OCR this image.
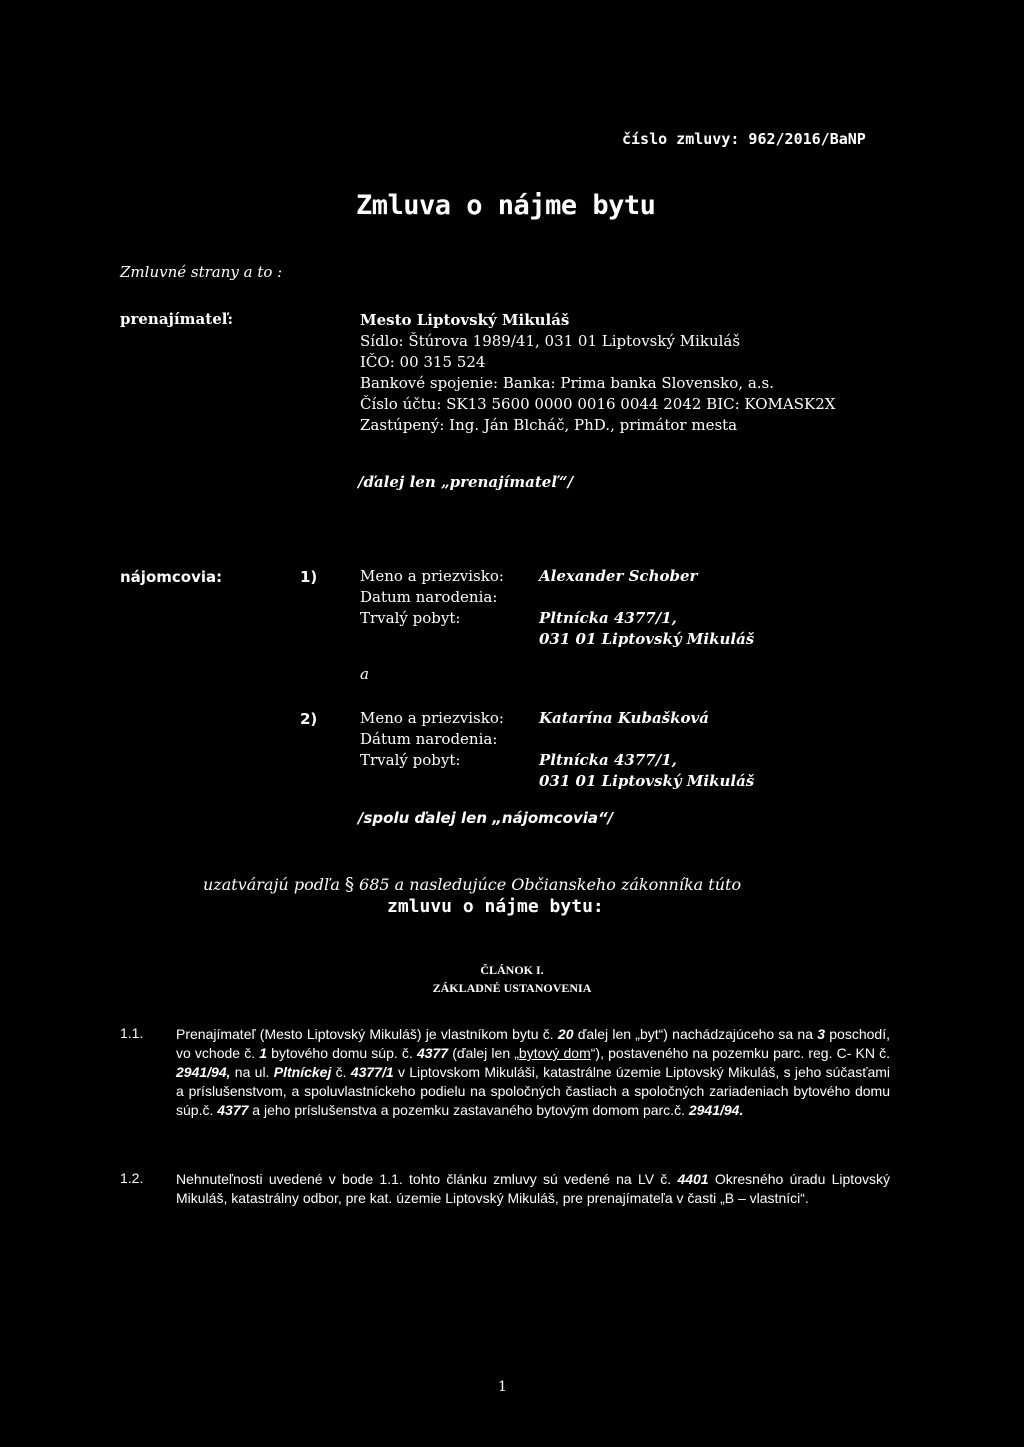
číslo zmluvy: 962/2016/BaNP
Zmluva o nájme bytu
Zmluvné strany a to :
prenajímateľ:	Mesto Liptovský Mikuláš
Sídlo: Štúrova 1989/41, 031 01 Liptovský Mikuláš
IČO: 00 315 524
Bankové spojenie: Banka: Prima banka Slovensko, a.s.
Číslo účtu: SK13 5600 0000 0016 0044 2042 BIC: KOMASK2X
Zastúpený: Ing. Ján Blcháč, PhD., primátor mesta
/ďalej len „prenajímateľ“/
nájomcovia:	1)	Meno a priezvisko: Alexander Schober
Datum narodenia:
Trvalý pobyt:	Pltnícka 4377/1,
031 01 Liptovský Mikuláš
a
2)	Meno a priezvisko: Katarína Kubašková
Dátum narodenia:
Trvalý pobyt:	Pltnícka 4377/1,
031 01 Liptovský Mikuláš
/spolu ďalej len „nájomcovia“/
uzatvárajú podľa § 685 a nasledujúce Občianskeho zákonníka túto
zmluvu o nájme bytu:
ČLÁNOK I.
ZÁKLADNÉ USTANOVENIA
1.1. Prenajímateľ (Mesto Liptovský Mikuláš) je vlastníkom bytu č. 20 ďalej len „byt“) nachádzajúceho sa na 3 poschodí, vo vchode č. 1 bytového domu súp. č. 4377 (ďalej len „bytový dom“), postaveného na pozemku parc. reg. C- KN č. 2941/94, na ul. Pltníckej č. 4377/1 v Liptovskom Mikuláši, katastrálne územie Liptovský Mikuláš, s jeho súčasťami a príslušenstvom, a spoluvlastníckeho podielu na spoločných častiach a spoločných zariadeniach bytového domu súp.č. 4377 a jeho príslušenstva a pozemku zastavaného bytovým domom parc.č. 2941/94.
1.2. Nehnuteľnosti uvedené v bode 1.1. tohto článku zmluvy sú vedené na LV č. 4401 Okresného úradu Liptovský Mikuláš, katastrálny odbor, pre kat. územie Liptovský Mikuláš, pre prenajímateľa v časti „B – vlastníci“.
1
